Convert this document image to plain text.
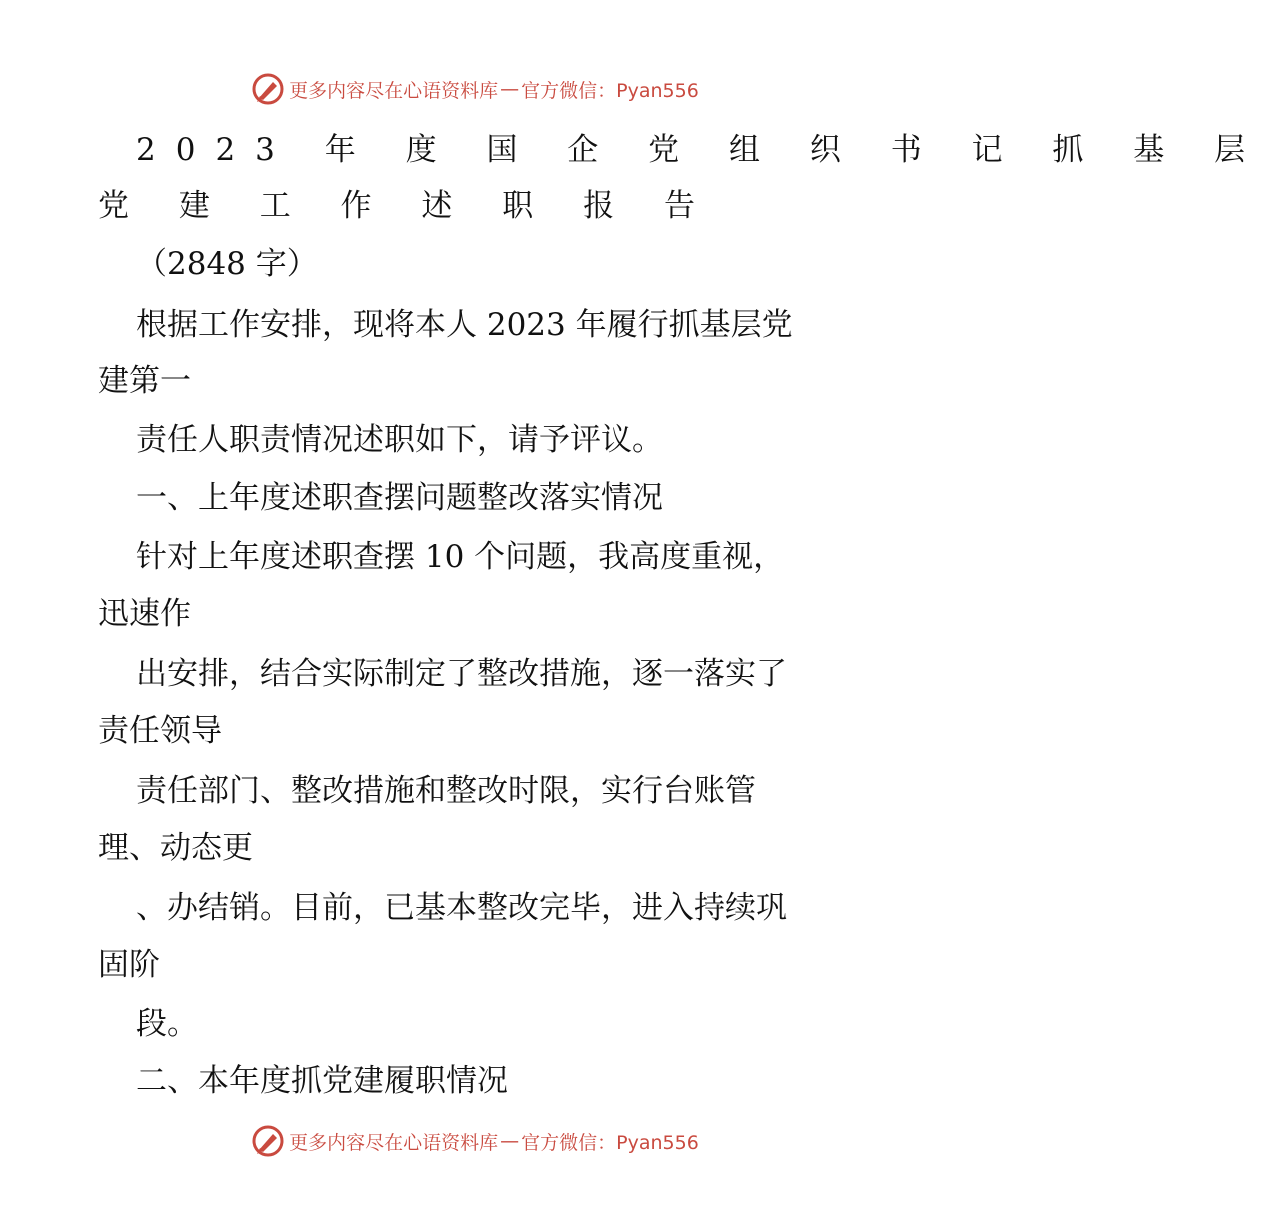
更多内容尽在心语资料库 — 官方微信：Pyan556
2023 年 度 国 企 党 组 织 书 记 抓 基 层
党 建 工 作 述 职 报 告
（2848 字）
根据工作安排，现将本人 2023 年履行抓基层党
建第一
责任人职责情况述职如下，请予评议。
一、上年度述职查摆问题整改落实情况
针对上年度述职查摆 10 个问题，我高度重视，
迅速作
出安排，结合实际制定了整改措施，逐一落实了
责任领导
责任部门、整改措施和整改时限，实行台账管
理、动态更
、办结销。目前，已基本整改完毕，进入持续巩
固阶
段。
二、本年度抓党建履职情况
更多内容尽在心语资料库 — 官方微信：Pyan556
